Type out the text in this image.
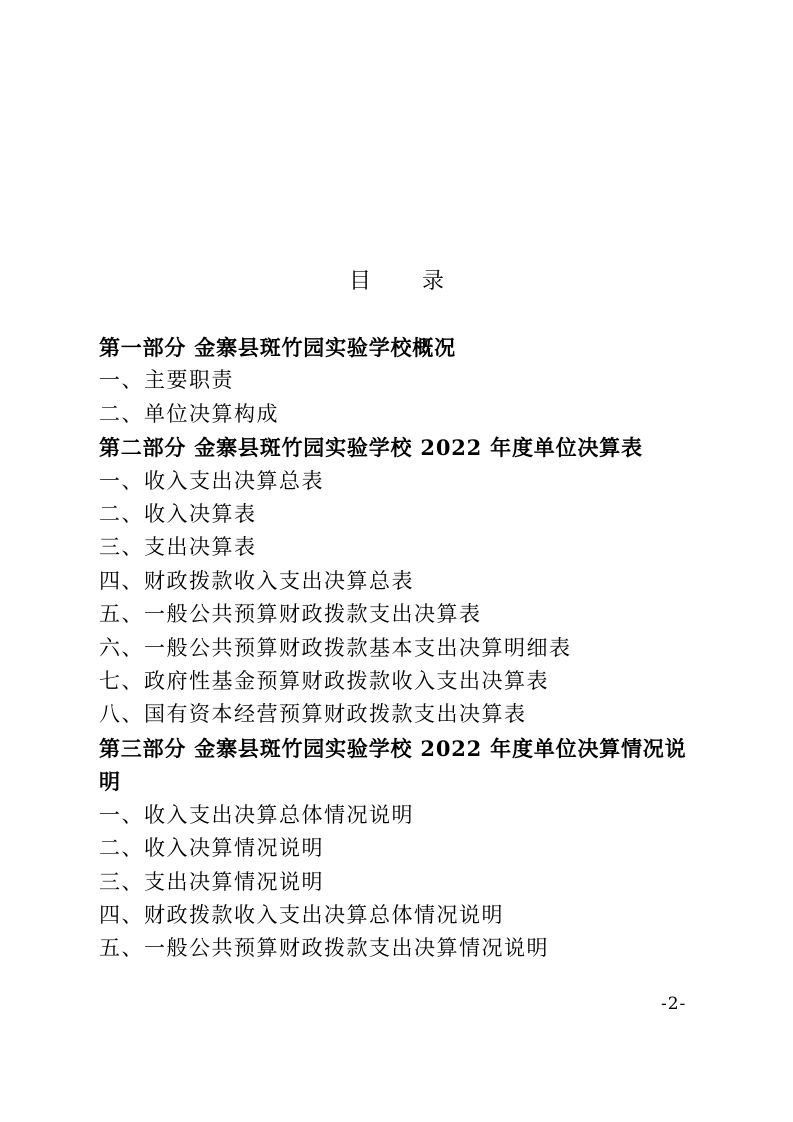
目 录
第一部分 金寨县斑竹园实验学校概况
一、主要职责
二、单位决算构成
第二部分 金寨县斑竹园实验学校 2022 年度单位决算表
一、收入支出决算总表
二、收入决算表
三、支出决算表
四、财政拨款收入支出决算总表
五、一般公共预算财政拨款支出决算表
六、一般公共预算财政拨款基本支出决算明细表
七、政府性基金预算财政拨款收入支出决算表
八、国有资本经营预算财政拨款支出决算表
第三部分 金寨县斑竹园实验学校 2022 年度单位决算情况说明
一、收入支出决算总体情况说明
二、收入决算情况说明
三、支出决算情况说明
四、财政拨款收入支出决算总体情况说明
五、一般公共预算财政拨款支出决算情况说明
-2-
